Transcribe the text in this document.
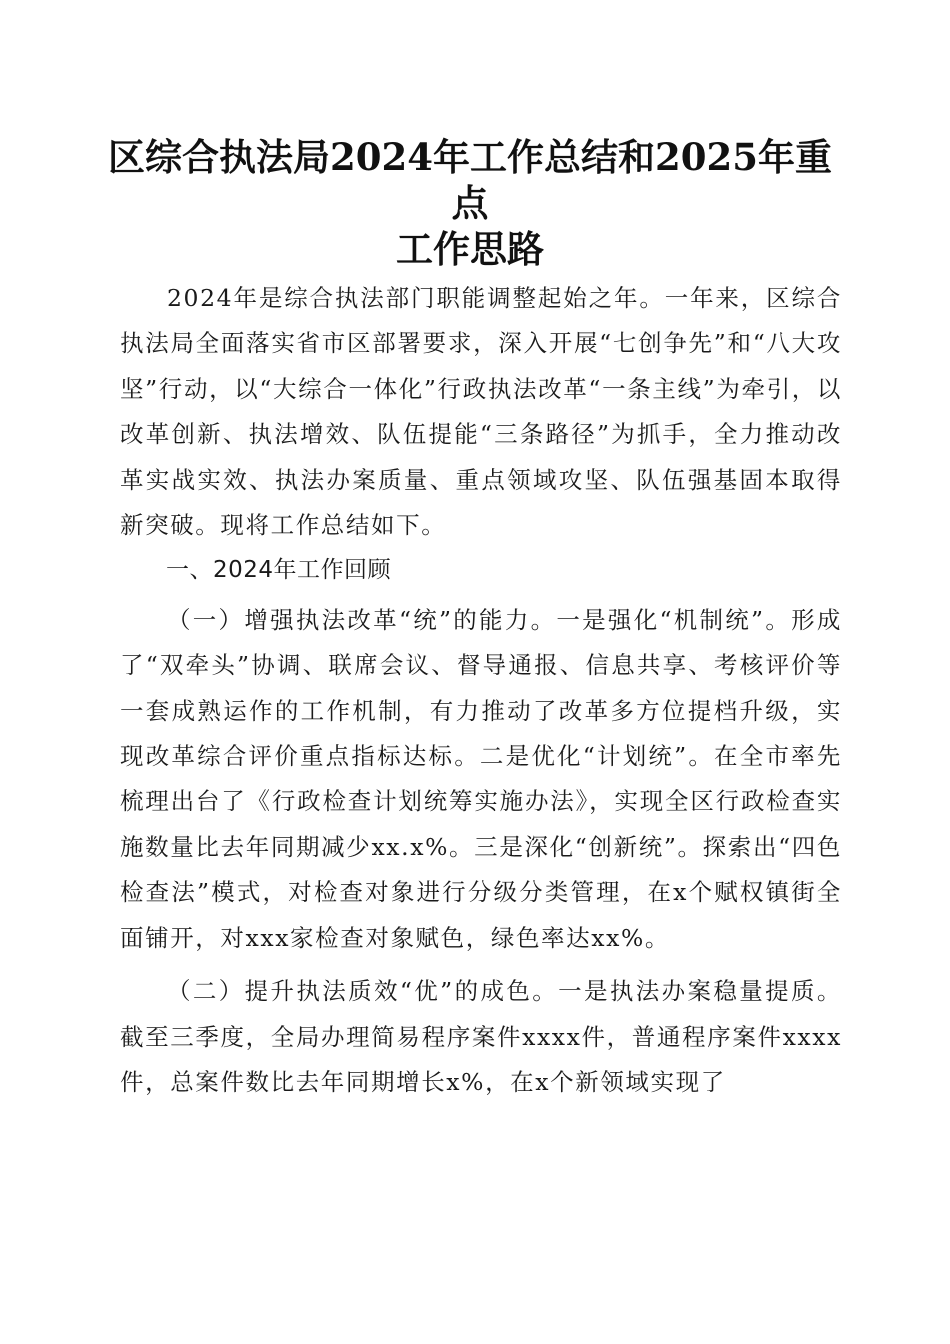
区综合执法局2024年工作总结和2025年重点
工作思路

2024年是综合执法部门职能调整起始之年。一年来，区综合执法局全面落实省市区部署要求，深入开展“七创争先”和“八大攻坚”行动，以“大综合一体化”行政执法改革“一条主线”为牵引，以改革创新、执法增效、队伍提能“三条路径”为抓手，全力推动改革实战实效、执法办案质量、重点领域攻坚、队伍强基固本取得新突破。现将工作总结如下。

一、2024年工作回顾

（一）增强执法改革“统”的能力。一是强化“机制统”。形成了“双牵头”协调、联席会议、督导通报、信息共享、考核评价等一套成熟运作的工作机制，有力推动了改革多方位提档升级，实现改革综合评价重点指标达标。二是优化“计划统”。在全市率先梳理出台了《行政检查计划统筹实施办法》，实现全区行政检查实施数量比去年同期减少xx.x%。三是深化“创新统”。探索出“四色检查法”模式，对检查对象进行分级分类管理，在x个赋权镇街全面铺开，对xxx家检查对象赋色，绿色率达xx%。

（二）提升执法质效“优”的成色。一是执法办案稳量提质。截至三季度，全局办理简易程序案件xxxx件，普通程序案件xxxx件，总案件数比去年同期增长x%，在x个新领域实现了
